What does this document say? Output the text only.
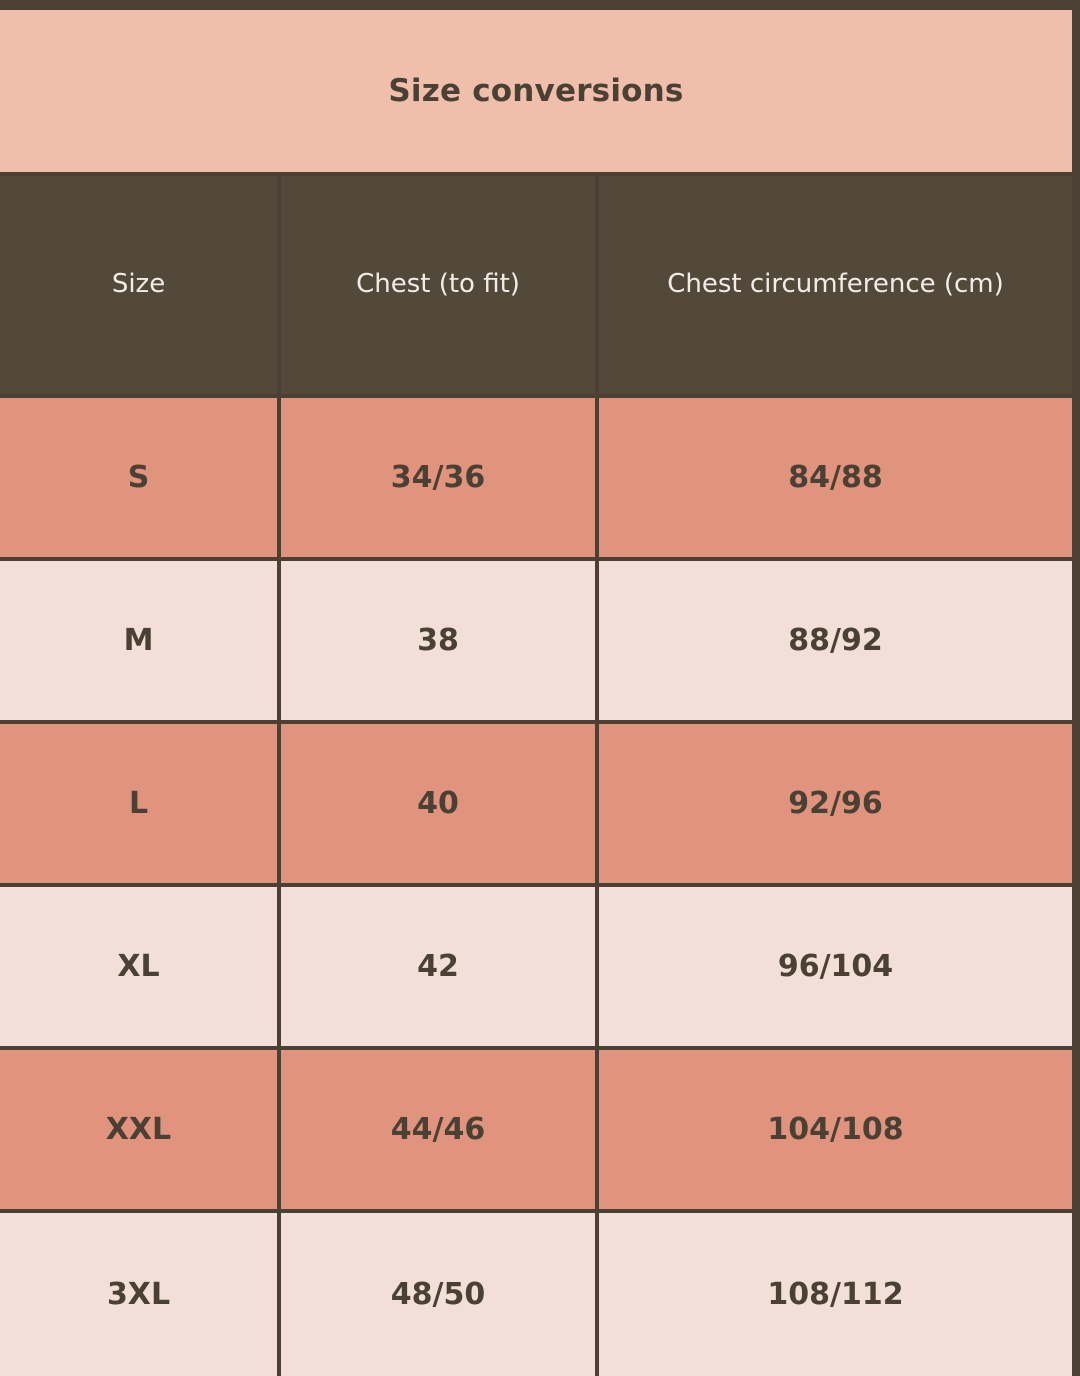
Size conversions
Size	Chest (to fit)	Chest circumference (cm)
S	34/36	84/88
M	38	88/92
L	40	92/96
XL	42	96/104
XXL	44/46	104/108
3XL	48/50	108/112
